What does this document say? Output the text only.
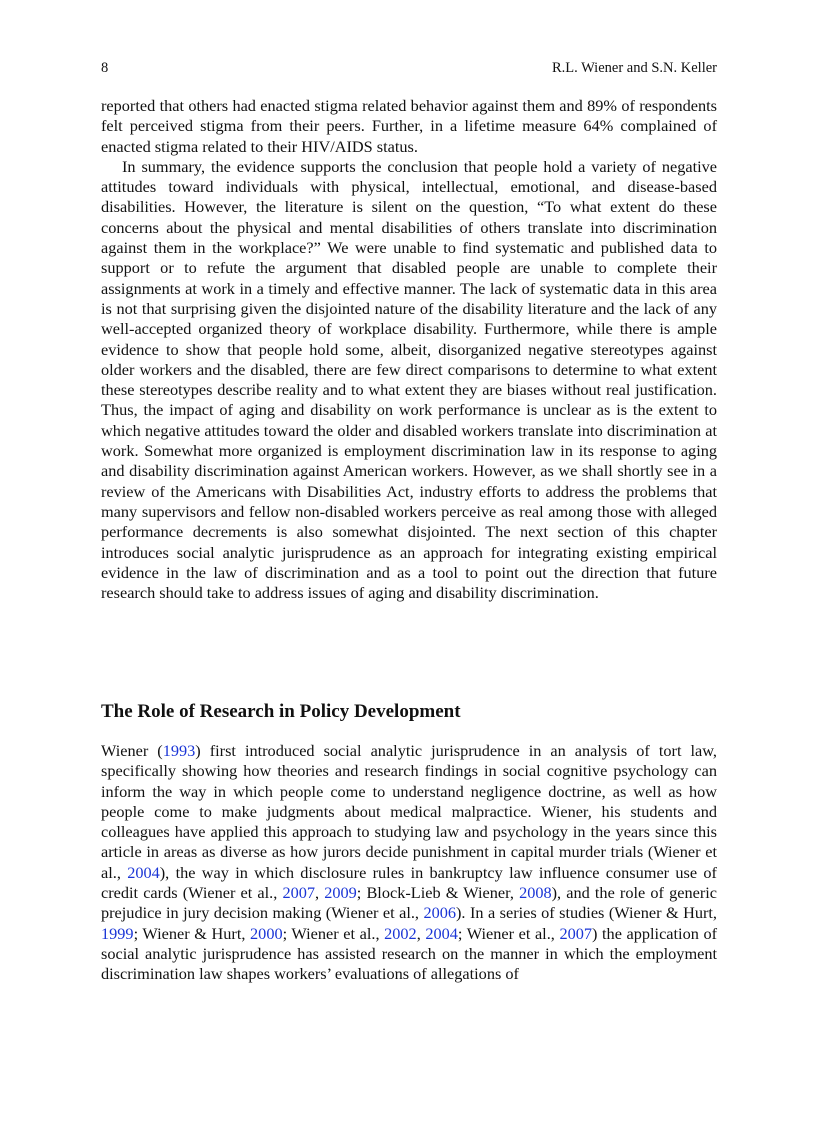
8	R.L. Wiener and S.N. Keller

reported that others had enacted stigma related behavior against them and 89% of respondents felt perceived stigma from their peers. Further, in a lifetime measure 64% complained of enacted stigma related to their HIV/AIDS status.

In summary, the evidence supports the conclusion that people hold a variety of negative attitudes toward individuals with physical, intellectual, emotional, and disease-based disabilities. However, the literature is silent on the question, “To what extent do these concerns about the physical and mental disabilities of others translate into discrimination against them in the workplace?” We were unable to find systematic and published data to support or to refute the argument that disabled people are unable to complete their assignments at work in a timely and effective manner. The lack of systematic data in this area is not that surprising given the disjointed nature of the disability literature and the lack of any well-accepted organized theory of workplace disability. Furthermore, while there is ample evidence to show that people hold some, albeit, disorganized negative stereotypes against older workers and the disabled, there are few direct comparisons to determine to what extent these stereotypes describe reality and to what extent they are biases without real justification. Thus, the impact of aging and disability on work performance is unclear as is the extent to which negative attitudes toward the older and disabled workers translate into discrimination at work. Somewhat more organized is employment discrimination law in its response to aging and disability discrimination against American workers. However, as we shall shortly see in a review of the Americans with Disabilities Act, industry efforts to address the problems that many supervisors and fellow non-disabled workers perceive as real among those with alleged performance decrements is also somewhat disjointed. The next section of this chapter introduces social analytic jurisprudence as an approach for integrating existing empirical evidence in the law of discrimination and as a tool to point out the direction that future research should take to address issues of aging and disability discrimination.

The Role of Research in Policy Development

Wiener (1993) first introduced social analytic jurisprudence in an analysis of tort law, specifically showing how theories and research findings in social cognitive psychology can inform the way in which people come to understand negligence doctrine, as well as how people come to make judgments about medical malpractice. Wiener, his students and colleagues have applied this approach to studying law and psychology in the years since this article in areas as diverse as how jurors decide punishment in capital murder trials (Wiener et al., 2004), the way in which disclosure rules in bankruptcy law influence consumer use of credit cards (Wiener et al., 2007, 2009; Block-Lieb & Wiener, 2008), and the role of generic prejudice in jury decision making (Wiener et al., 2006). In a series of studies (Wiener & Hurt, 1999; Wiener & Hurt, 2000; Wiener et al., 2002, 2004; Wiener et al., 2007) the application of social analytic jurisprudence has assisted research on the manner in which the employment discrimination law shapes workers’ evaluations of allegations of
